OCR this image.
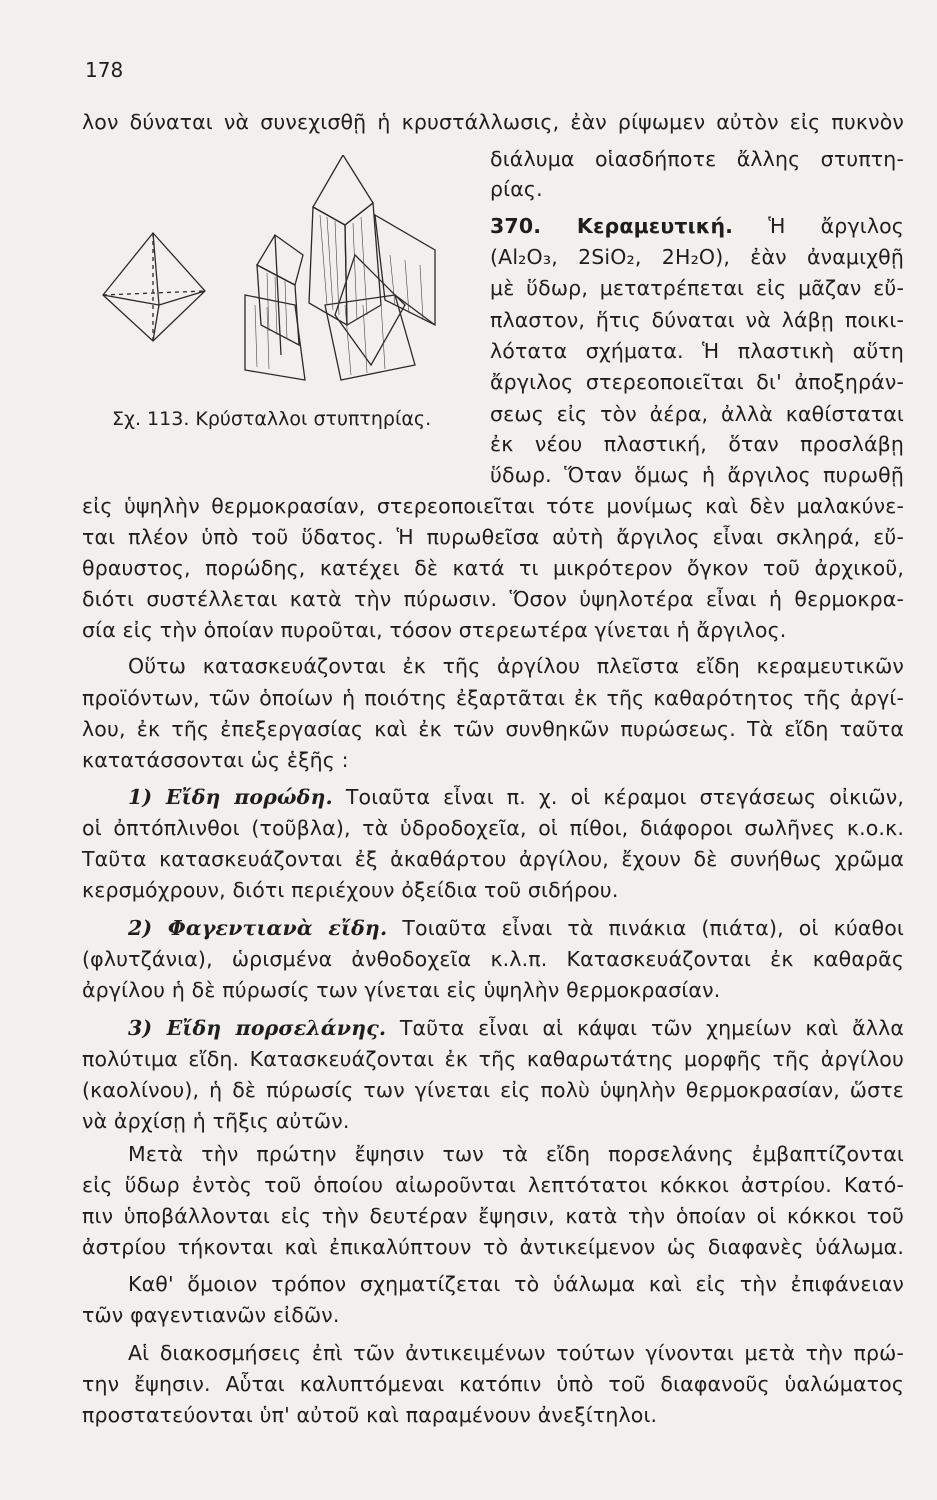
178
λον δύναται νὰ συνεχισθῇ ἡ κρυστάλλωσις, ἐὰν ρίψωμεν αὐτὸν εἰς πυκνὸν
διάλυμα οἱασδήποτε ἄλλης στυπτη-
ρίας.
Σχ. 113. Κρύσταλλοι στυπτηρίας.
370. Κεραμευτική. Ἡ ἄργιλος
(Al₂O₃, 2SiO₂, 2H₂O), ἐὰν ἀναμιχθῇ
μὲ ὕδωρ, μετατρέπεται εἰς μᾶζαν εὔ-
πλαστον, ἥτις δύναται νὰ λάβῃ ποικι-
λότατα σχήματα. Ἡ πλαστικὴ αὕτη
ἄργιλος στερεοποιεῖται δι' ἀποξηράν-
σεως εἰς τὸν ἀέρα, ἀλλὰ καθίσταται
ἐκ νέου πλαστική, ὅταν προσλάβῃ
ὕδωρ. Ὅταν ὅμως ἡ ἄργιλος πυρωθῇ
εἰς ὑψηλὴν θερμοκρασίαν, στερεοποιεῖται τότε μονίμως καὶ δὲν μαλακύνε-
ται πλέον ὑπὸ τοῦ ὕδατος. Ἡ πυρωθεῖσα αὐτὴ ἄργιλος εἶναι σκληρά, εὔ-
θραυστος, πορώδης, κατέχει δὲ κατά τι μικρότερον ὄγκον τοῦ ἀρχικοῦ,
διότι συστέλλεται κατὰ τὴν πύρωσιν. Ὅσον ὑψηλοτέρα εἶναι ἡ θερμοκρα-
σία εἰς τὴν ὁποίαν πυροῦται, τόσον στερεωτέρα γίνεται ἡ ἄργιλος.
Οὕτω κατασκευάζονται ἐκ τῆς ἀργίλου πλεῖστα εἴδη κεραμευτικῶν
προϊόντων, τῶν ὁποίων ἡ ποιότης ἐξαρτᾶται ἐκ τῆς καθαρότητος τῆς ἀργί-
λου, ἐκ τῆς ἐπεξεργασίας καὶ ἐκ τῶν συνθηκῶν πυρώσεως. Τὰ εἴδη ταῦτα
κατατάσσονται ὡς ἑξῆς :
1) Εἴδη πορώδη. Τοιαῦτα εἶναι π. χ. οἱ κέραμοι στεγάσεως οἰκιῶν,
οἱ ὀπτόπλινθοι (τοῦβλα), τὰ ὑδροδοχεῖα, οἱ πίθοι, διάφοροι σωλῆνες κ.ο.κ.
Ταῦτα κατασκευάζονται ἐξ ἀκαθάρτου ἀργίλου, ἔχουν δὲ συνήθως χρῶμα
κερσμόχρουν, διότι περιέχουν ὀξείδια τοῦ σιδήρου.
2) Φαγεντιανὰ εἴδη. Τοιαῦτα εἶναι τὰ πινάκια (πιάτα), οἱ κύαθοι
(φλυτζάνια), ὡρισμένα ἀνθοδοχεῖα κ.λ.π. Κατασκευάζονται ἐκ καθαρᾶς
ἀργίλου ἡ δὲ πύρωσίς των γίνεται εἰς ὑψηλὴν θερμοκρασίαν.
3) Εἴδη πορσελάνης. Ταῦτα εἶναι αἱ κάψαι τῶν χημείων καὶ ἄλλα
πολύτιμα εἴδη. Κατασκευάζονται ἐκ τῆς καθαρωτάτης μορφῆς τῆς ἀργίλου
(καολίνου), ἡ δὲ πύρωσίς των γίνεται εἰς πολὺ ὑψηλὴν θερμοκρασίαν, ὥστε
νὰ ἀρχίσῃ ἡ τῆξις αὐτῶν.
Μετὰ τὴν πρώτην ἔψησιν των τὰ εἴδη πορσελάνης ἐμβαπτίζονται
εἰς ὕδωρ ἐντὸς τοῦ ὁποίου αἰωροῦνται λεπτότατοι κόκκοι ἀστρίου. Κατό-
πιν ὑποβάλλονται εἰς τὴν δευτέραν ἔψησιν, κατὰ τὴν ὁποίαν οἱ κόκκοι τοῦ
ἀστρίου τήκονται καὶ ἐπικαλύπτουν τὸ ἀντικείμενον ὡς διαφανὲς ὑάλωμα.
Καθ' ὅμοιον τρόπον σχηματίζεται τὸ ὑάλωμα καὶ εἰς τὴν ἐπιφάνειαν
τῶν φαγεντιανῶν εἰδῶν.
Αἱ διακοσμήσεις ἐπὶ τῶν ἀντικειμένων τούτων γίνονται μετὰ τὴν πρώ-
την ἔψησιν. Αὗται καλυπτόμεναι κατόπιν ὑπὸ τοῦ διαφανοῦς ὑαλώματος
προστατεύονται ὑπ' αὐτοῦ καὶ παραμένουν ἀνεξίτηλοι.
